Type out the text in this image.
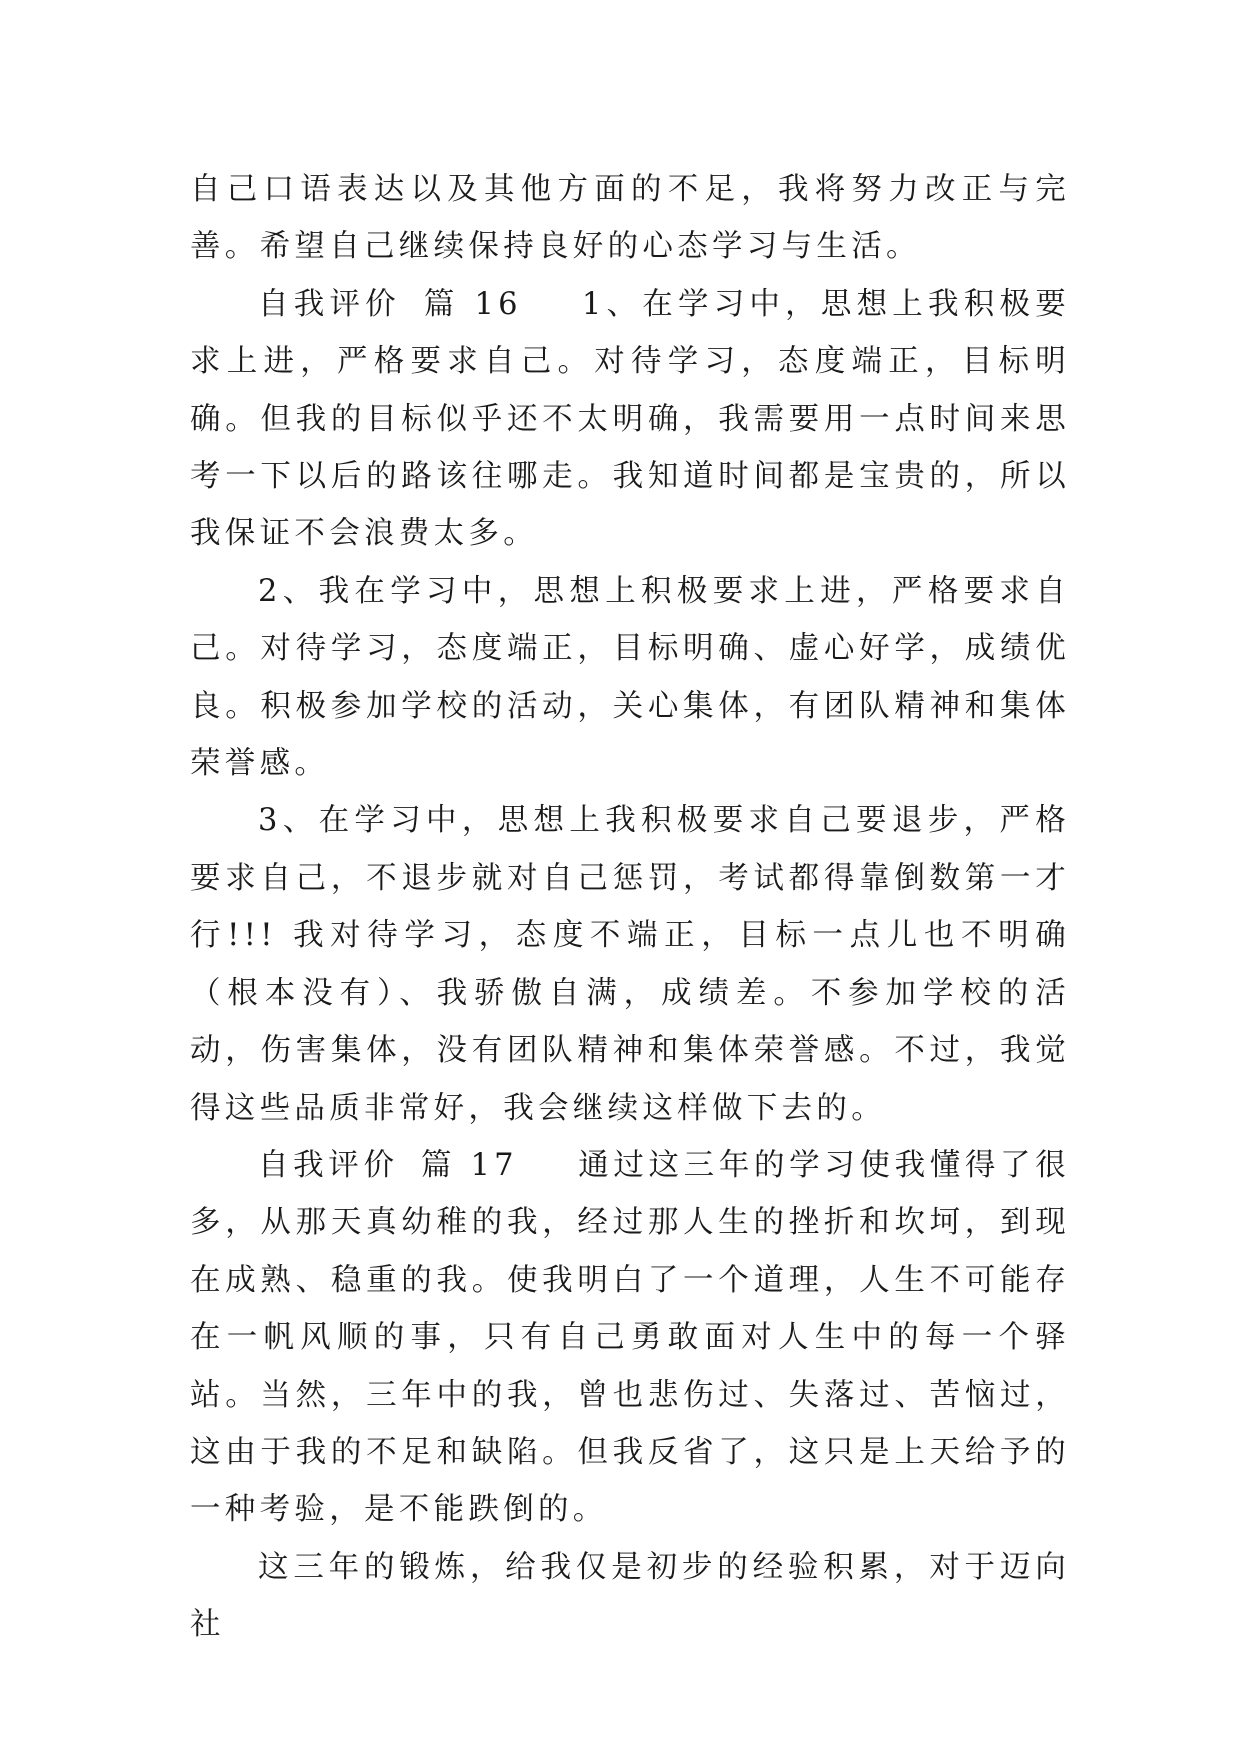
自己口语表达以及其他方面的不足，我将努力改正与完善。希望自己继续保持良好的心态学习与生活。

自我评价 篇 16 1、在学习中，思想上我积极要求上进，严格要求自己。对待学习，态度端正，目标明确。但我的目标似乎还不太明确，我需要用一点时间来思考一下以后的路该往哪走。我知道时间都是宝贵的，所以我保证不会浪费太多。

2、我在学习中，思想上积极要求上进，严格要求自己。对待学习，态度端正，目标明确、虚心好学，成绩优良。积极参加学校的活动，关心集体，有团队精神和集体荣誉感。

3、在学习中，思想上我积极要求自己要退步，严格要求自己，不退步就对自己惩罚，考试都得靠倒数第一才行!!! 我对待学习，态度不端正，目标一点儿也不明确（根本没有）、我骄傲自满，成绩差。不参加学校的活动，伤害集体，没有团队精神和集体荣誉感。不过，我觉得这些品质非常好，我会继续这样做下去的。

自我评价 篇 17 通过这三年的学习使我懂得了很多，从那天真幼稚的我，经过那人生的挫折和坎坷，到现在成熟、稳重的我。使我明白了一个道理，人生不可能存在一帆风顺的事，只有自己勇敢面对人生中的每一个驿站。当然，三年中的我，曾也悲伤过、失落过、苦恼过，这由于我的不足和缺陷。但我反省了，这只是上天给予的一种考验，是不能跌倒的。

这三年的锻炼，给我仅是初步的经验积累，对于迈向社
